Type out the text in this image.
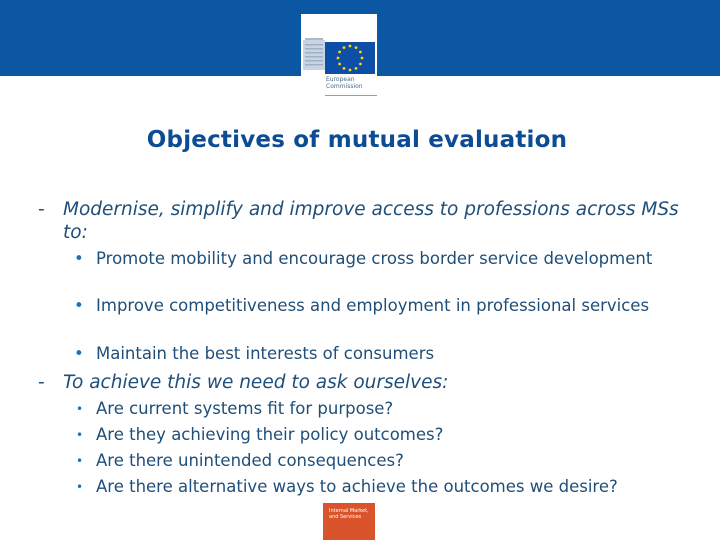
European
Commission
Objectives of mutual evaluation
- Modernise, simplify and improve access to professions across MSs to:
• Promote mobility and encourage cross border service development
• Improve competitiveness and employment in professional services
• Maintain the best interests of consumers
- To achieve this we need to ask ourselves:
• Are current systems fit for purpose?
• Are they achieving their policy outcomes?
• Are there unintended consequences?
• Are there alternative ways to achieve the outcomes we desire?
Internal Market,
and Services
